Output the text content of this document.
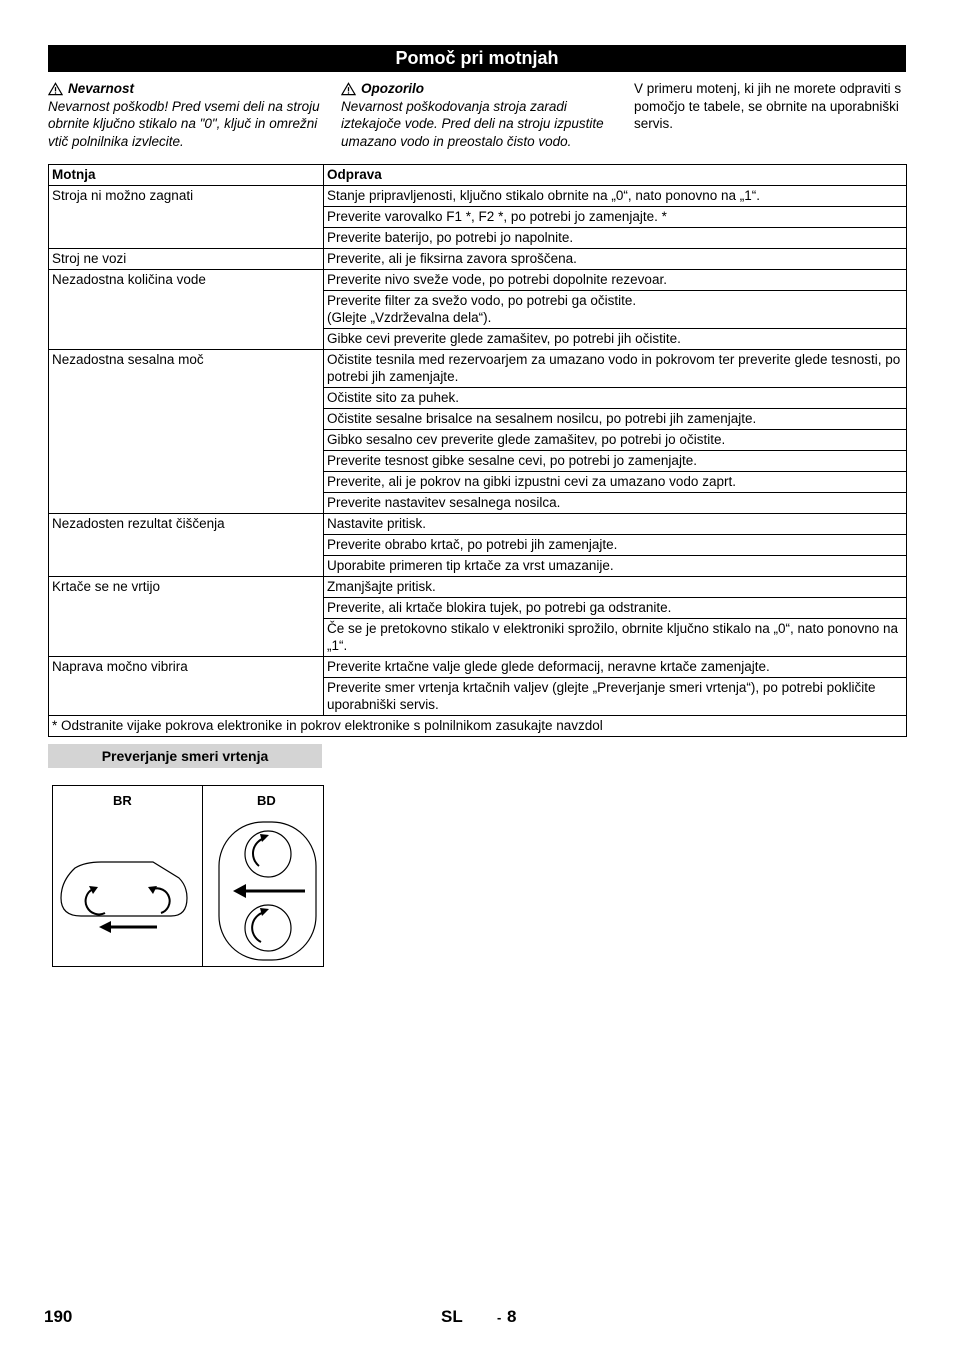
Pomoč pri motnjah
Nevarnost
Nevarnost poškodb! Pred vsemi deli na stroju obrnite ključno stikalo na "0", ključ in omrežni vtič polnilnika izvlecite.
Opozorilo
Nevarnost poškodovanja stroja zaradi iztekajoče vode. Pred deli na stroju izpustite umazano vodo in preostalo čisto vodo.
V primeru motenj, ki jih ne morete odpraviti s pomočjo te tabele, se obrnite na uporabniški servis.
Motnja	Odprava
Stroja ni možno zagnati	Stanje pripravljenosti, ključno stikalo obrnite na „0“, nato ponovno na „1“.
	Preverite varovalko F1 *, F2 *, po potrebi jo zamenjajte. *
	Preverite baterijo, po potrebi jo napolnite.
Stroj ne vozi	Preverite, ali je fiksirna zavora sproščena.
Nezadostna količina vode	Preverite nivo sveže vode, po potrebi dopolnite rezevoar.
	Preverite filter za svežo vodo, po potrebi ga očistite.
(Glejte „Vzdrževalna dela“).
	Gibke cevi preverite glede zamašitev, po potrebi jih očistite.
Nezadostna sesalna moč	Očistite tesnila med rezervoarjem za umazano vodo in pokrovom ter preverite glede tesnosti, po potrebi jih zamenjajte.
	Očistite sito za puhek.
	Očistite sesalne brisalce na sesalnem nosilcu, po potrebi jih zamenjajte.
	Gibko sesalno cev preverite glede zamašitev, po potrebi jo očistite.
	Preverite tesnost gibke sesalne cevi, po potrebi jo zamenjajte.
	Preverite, ali je pokrov na gibki izpustni cevi za umazano vodo zaprt.
	Preverite nastavitev sesalnega nosilca.
Nezadosten rezultat čiščenja	Nastavite pritisk.
	Preverite obrabo krtač, po potrebi jih zamenjajte.
	Uporabite primeren tip krtače za vrst umazanije.
Krtače se ne vrtijo	Zmanjšajte pritisk.
	Preverite, ali krtače blokira tujek, po potrebi ga odstranite.
	Če se je pretokovno stikalo v elektroniki sprožilo, obrnite ključno stikalo na „0“, nato ponovno na „1“.
Naprava močno vibrira	Preverite krtačne valje glede glede deformacij, neravne krtače zamenjajte.
	Preverite smer vrtenja krtačnih valjev (glejte „Preverjanje smeri vrtenja“), po potrebi pokličite uporabniški servis.
* Odstranite vijake pokrova elektronike in pokrov elektronike s polnilnikom zasukajte navzdol	
Preverjanje smeri vrtenja
BR	BD
190	SL	- 8
